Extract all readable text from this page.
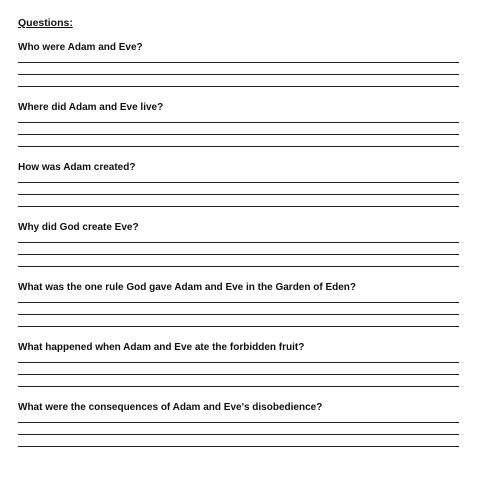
Questions:
Who were Adam and Eve?
Where did Adam and Eve live?
How was Adam created?
Why did God create Eve?
What was the one rule God gave Adam and Eve in the Garden of Eden?
What happened when Adam and Eve ate the forbidden fruit?
What were the consequences of Adam and Eve's disobedience?
